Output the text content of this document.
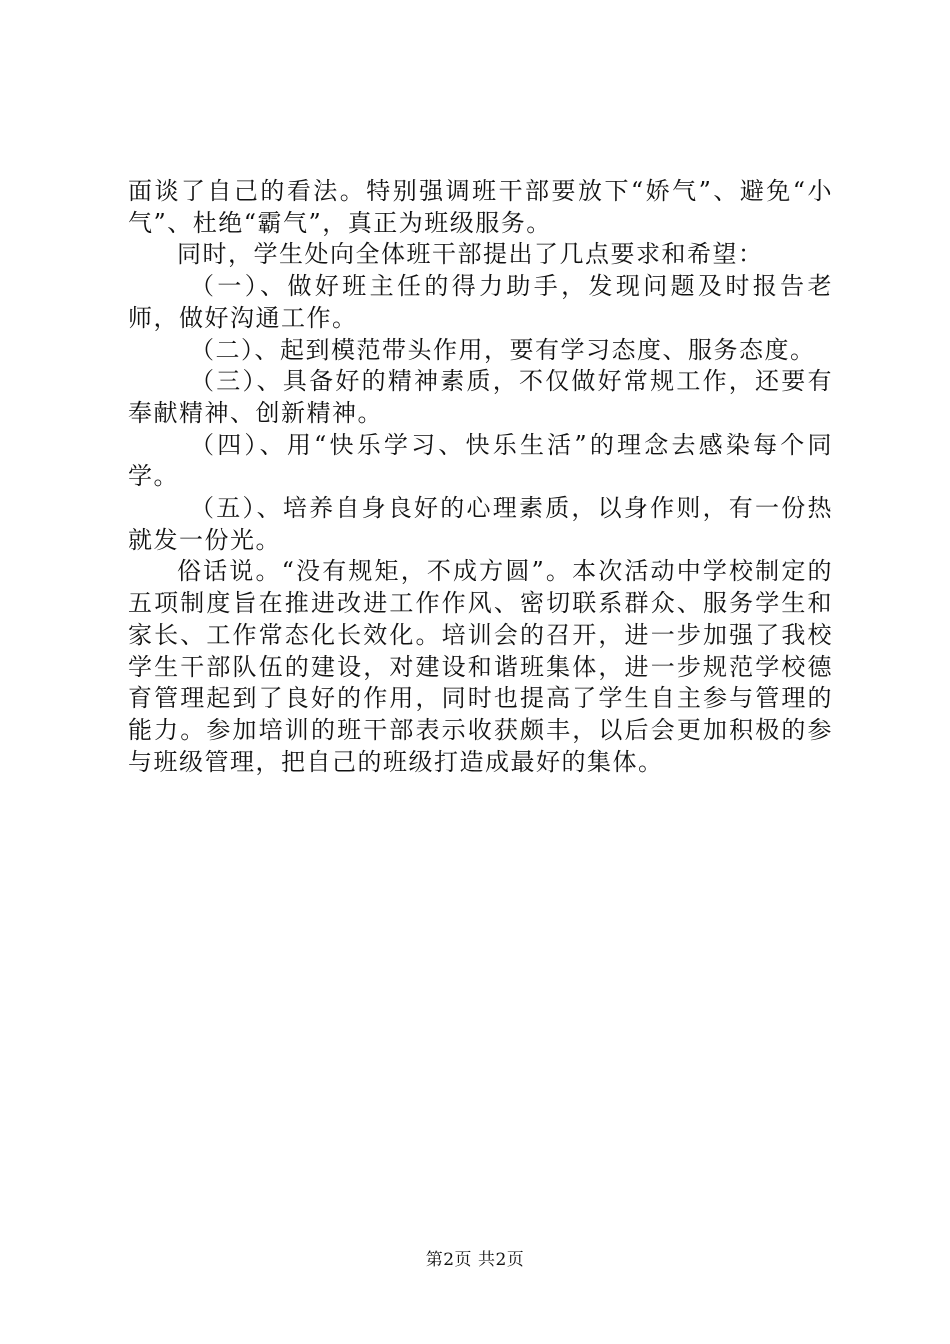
面谈了自己的看法。特别强调班干部要放下“娇气”、避免“小气”、杜绝“霸气”，真正为班级服务。

同时，学生处向全体班干部提出了几点要求和希望：

（一）、做好班主任的得力助手，发现问题及时报告老师，做好沟通工作。

（二）、起到模范带头作用，要有学习态度、服务态度。

（三）、具备好的精神素质，不仅做好常规工作，还要有奉献精神、创新精神。

（四）、用“快乐学习、快乐生活”的理念去感染每个同学。

（五）、培养自身良好的心理素质，以身作则，有一份热就发一份光。

俗话说。“没有规矩，不成方圆”。本次活动中学校制定的五项制度旨在推进改进工作作风、密切联系群众、服务学生和家长、工作常态化长效化。培训会的召开，进一步加强了我校学生干部队伍的建设，对建设和谐班集体，进一步规范学校德育管理起到了良好的作用，同时也提高了学生自主参与管理的能力。参加培训的班干部表示收获颇丰，以后会更加积极的参与班级管理，把自己的班级打造成最好的集体。

第2页 共2页
